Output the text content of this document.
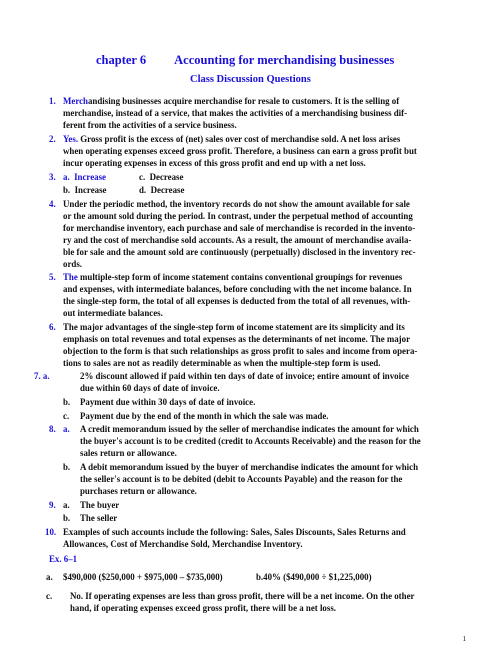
chapter 6 Accounting for merchandising businesses
Class Discussion Questions
1. Merchandising businesses acquire merchandise for resale to customers. It is the selling of
merchandise, instead of a service, that makes the activities of a merchandising business dif-
ferent from the activities of a service business.
2. Yes. Gross profit is the excess of (net) sales over cost of merchandise sold. A net loss arises
when operating expenses exceed gross profit. Therefore, a business can earn a gross profit but
incur operating expenses in excess of this gross profit and end up with a net loss.
3. a. Increase	c. Decrease
b. Increase	d. Decrease
4. Under the periodic method, the inventory records do not show the amount available for sale
or the amount sold during the period. In contrast, under the perpetual method of accounting
for merchandise inventory, each purchase and sale of merchandise is recorded in the invento-
ry and the cost of merchandise sold accounts. As a result, the amount of merchandise availa-
ble for sale and the amount sold are continuously (perpetually) disclosed in the inventory rec-
ords.
5. The multiple-step form of income statement contains conventional groupings for revenues
and expenses, with intermediate balances, before concluding with the net income balance. In
the single-step form, the total of all expenses is deducted from the total of all revenues, with-
out intermediate balances.
6. The major advantages of the single-step form of income statement are its simplicity and its
emphasis on total revenues and total expenses as the determinants of net income. The major
objection to the form is that such relationships as gross profit to sales and income from opera-
tions to sales are not as readily determinable as when the multiple-step form is used.
7. a.	2% discount allowed if paid within ten days of date of invoice; entire amount of invoice
due within 60 days of date of invoice.
b. Payment due within 30 days of date of invoice.
c. Payment due by the end of the month in which the sale was made.
8. a. A credit memorandum issued by the seller of merchandise indicates the amount for which
the buyer's account is to be credited (credit to Accounts Receivable) and the reason for the
sales return or allowance.
b. A debit memorandum issued by the buyer of merchandise indicates the amount for which
the seller's account is to be debited (debit to Accounts Payable) and the reason for the
purchases return or allowance.
9. a. The buyer
b. The seller
10. Examples of such accounts include the following: Sales, Sales Discounts, Sales Returns and
Allowances, Cost of Merchandise Sold, Merchandise Inventory.
Ex. 6–1
a. $490,000 ($250,000 + $975,000 – $735,000)	b.40% ($490,000 ÷ $1,225,000)
c. No. If operating expenses are less than gross profit, there will be a net income. On the other
hand, if operating expenses exceed gross profit, there will be a net loss.
1
